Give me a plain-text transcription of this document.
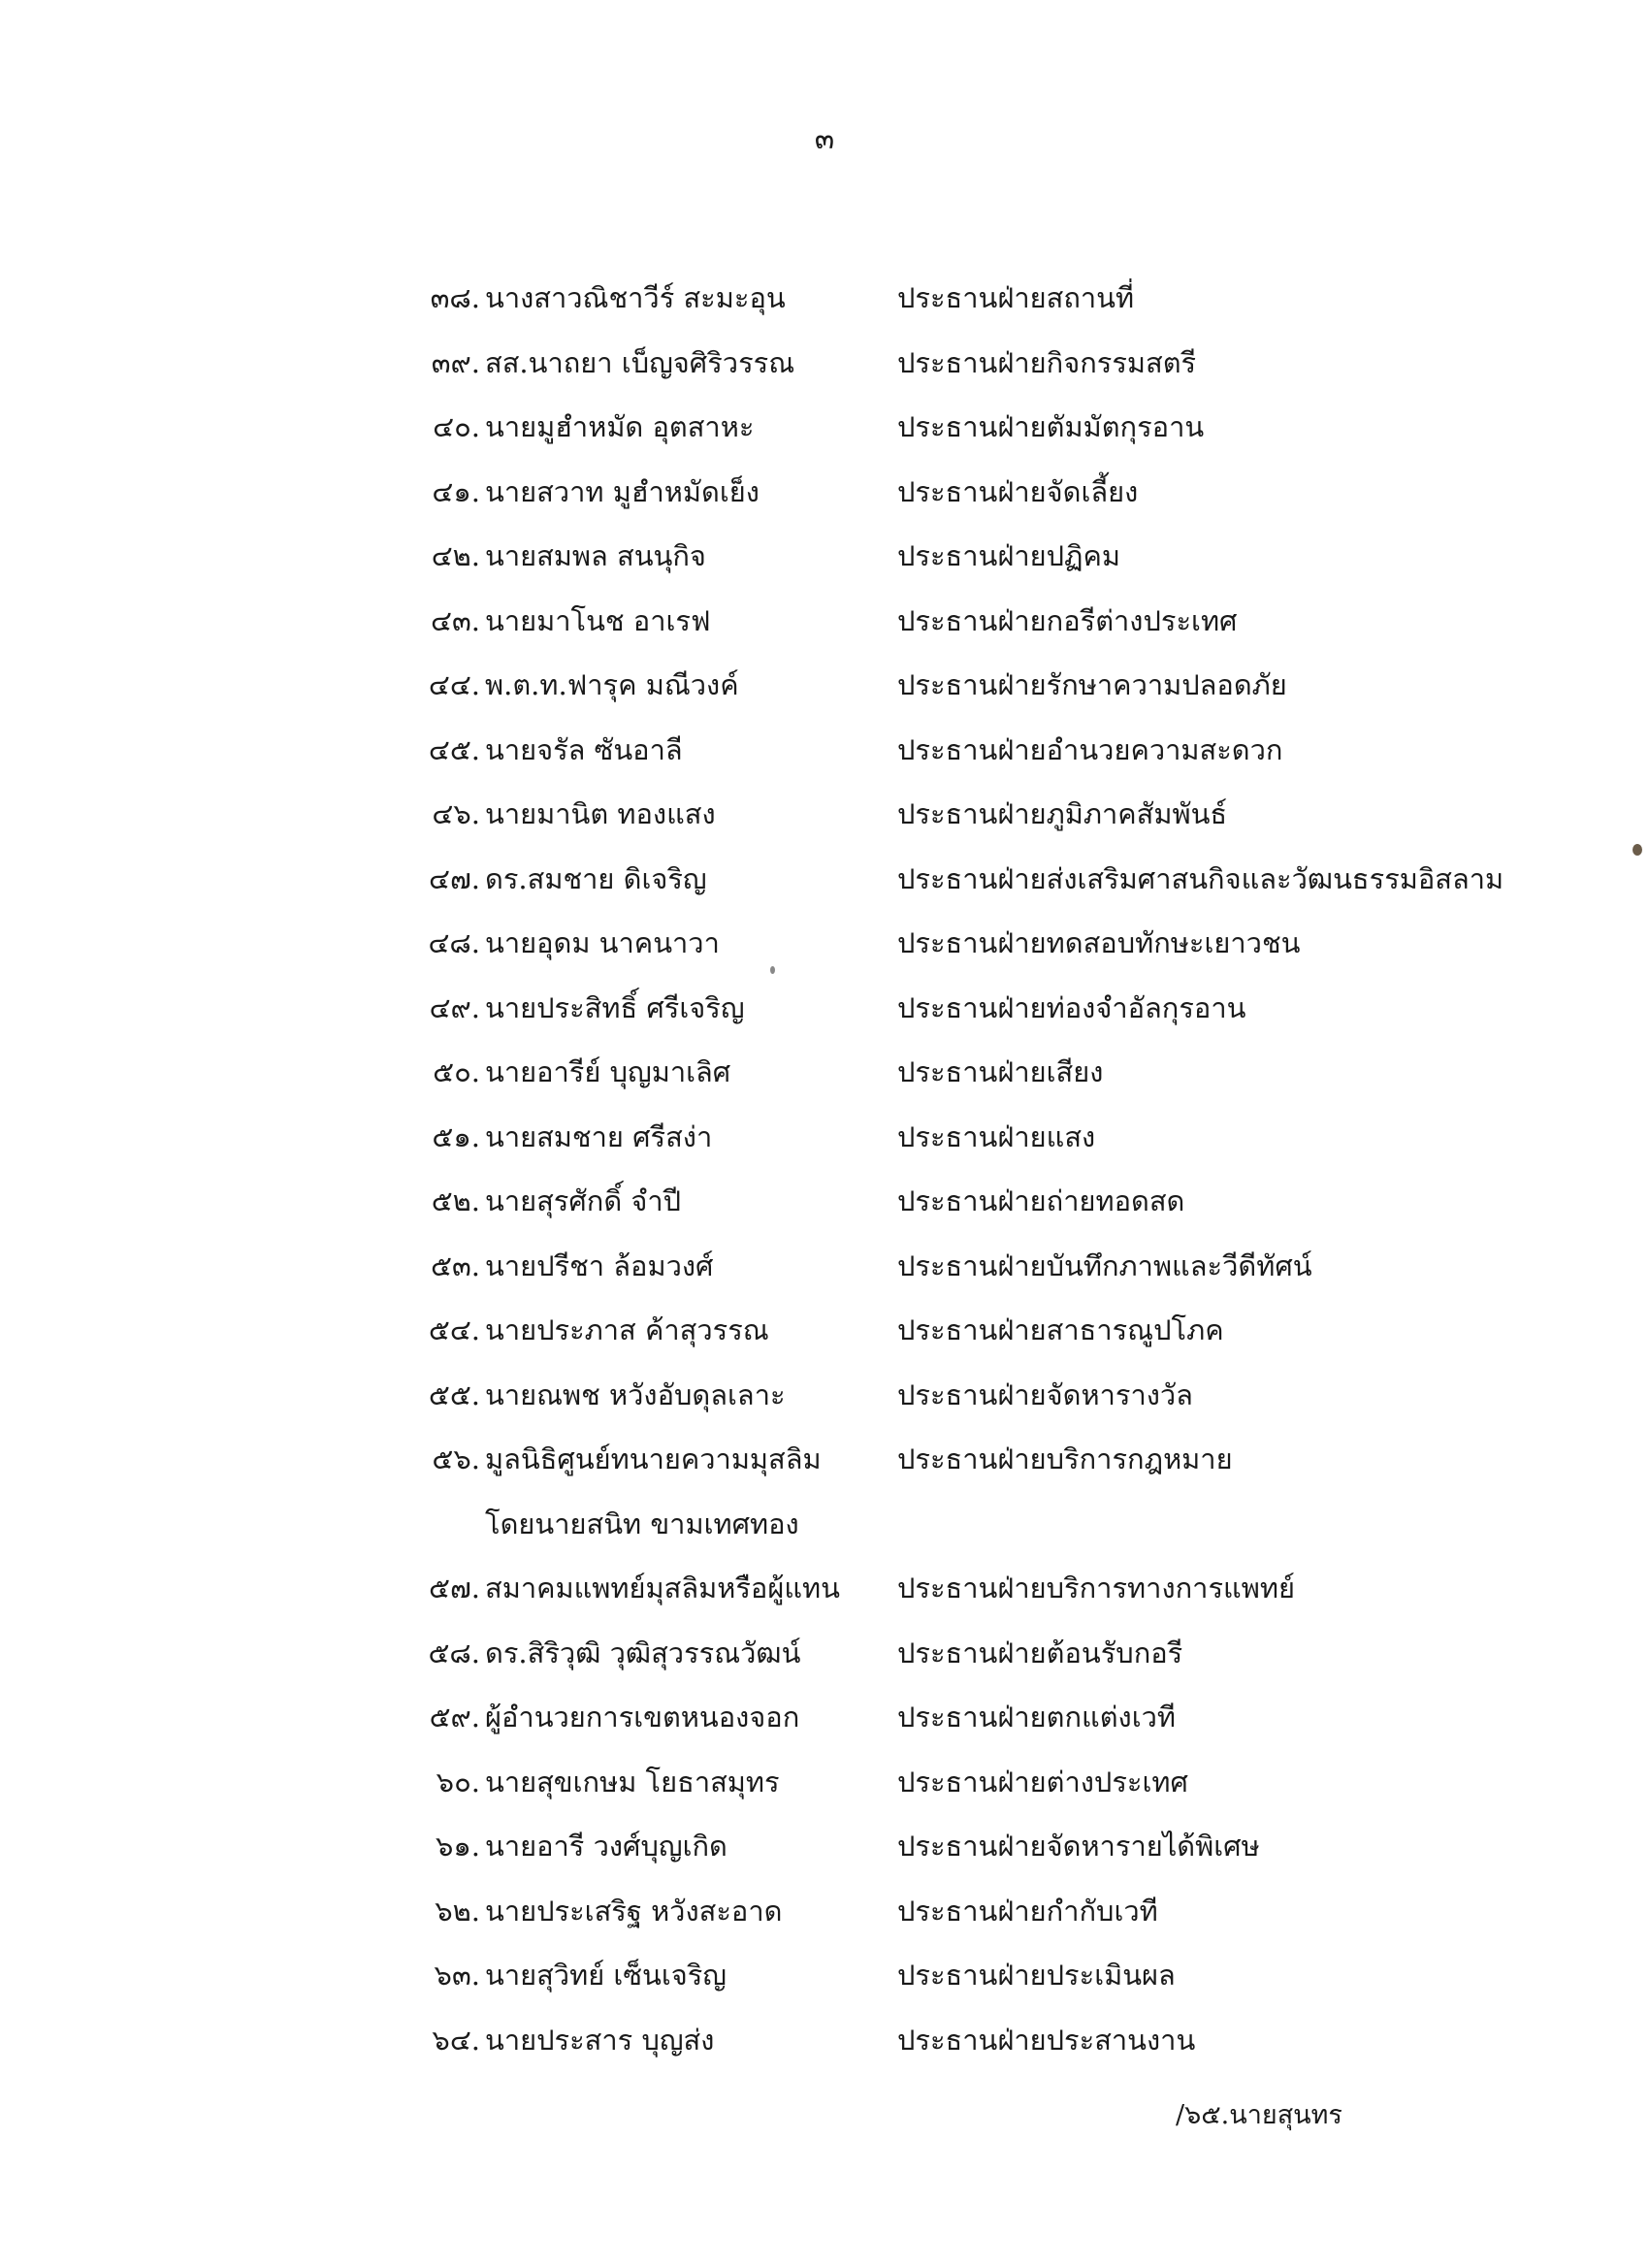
๓
๓๘. นางสาวณิชาวีร์ สะมะอุน	ประธานฝ่ายสถานที่
๓๙. สส.นาถยา เบ็ญจศิริวรรณ	ประธานฝ่ายกิจกรรมสตรี
๔๐. นายมูฮำหมัด อุตสาหะ	ประธานฝ่ายตัมมัตกุรอาน
๔๑. นายสวาท มูฮำหมัดเย็ง	ประธานฝ่ายจัดเลี้ยง
๔๒. นายสมพล สนนุกิจ	ประธานฝ่ายปฏิคม
๔๓. นายมาโนช อาเรฟ	ประธานฝ่ายกอรีต่างประเทศ
๔๔. พ.ต.ท.ฟารุค มณีวงค์	ประธานฝ่ายรักษาความปลอดภัย
๔๕. นายจรัล ซันอาลี	ประธานฝ่ายอำนวยความสะดวก
๔๖. นายมานิต ทองแสง	ประธานฝ่ายภูมิภาคสัมพันธ์
๔๗. ดร.สมชาย ดิเจริญ	ประธานฝ่ายส่งเสริมศาสนกิจและวัฒนธรรมอิสลาม
๔๘. นายอุดม นาคนาวา	ประธานฝ่ายทดสอบทักษะเยาวชน
๔๙. นายประสิทธิ์ ศรีเจริญ	ประธานฝ่ายท่องจำอัลกุรอาน
๕๐. นายอารีย์ บุญมาเลิศ	ประธานฝ่ายเสียง
๕๑. นายสมชาย ศรีสง่า	ประธานฝ่ายแสง
๕๒. นายสุรศักดิ์ จำปี	ประธานฝ่ายถ่ายทอดสด
๕๓. นายปรีชา ล้อมวงศ์	ประธานฝ่ายบันทึกภาพและวีดีทัศน์
๕๔. นายประภาส ค้าสุวรรณ	ประธานฝ่ายสาธารณูปโภค
๕๕. นายณพช หวังอับดุลเลาะ	ประธานฝ่ายจัดหารางวัล
๕๖. มูลนิธิศูนย์ทนายความมุสลิม	ประธานฝ่ายบริการกฎหมาย
โดยนายสนิท ขามเทศทอง
๕๗. สมาคมแพทย์มุสลิมหรือผู้แทน ประธานฝ่ายบริการทางการแพทย์
๕๘. ดร.สิริวุฒิ วุฒิสุวรรณวัฒน์	ประธานฝ่ายต้อนรับกอรี
๕๙. ผู้อำนวยการเขตหนองจอก	ประธานฝ่ายตกแต่งเวที
๖๐. นายสุขเกษม โยธาสมุทร	ประธานฝ่ายต่างประเทศ
๖๑. นายอารี วงศ์บุญเกิด	ประธานฝ่ายจัดหารายได้พิเศษ
๖๒. นายประเสริฐ หวังสะอาด	ประธานฝ่ายกำกับเวที
๖๓. นายสุวิทย์ เซ็นเจริญ	ประธานฝ่ายประเมินผล
๖๔. นายประสาร บุญส่ง	ประธานฝ่ายประสานงาน
/๖๕.นายสุนทร
